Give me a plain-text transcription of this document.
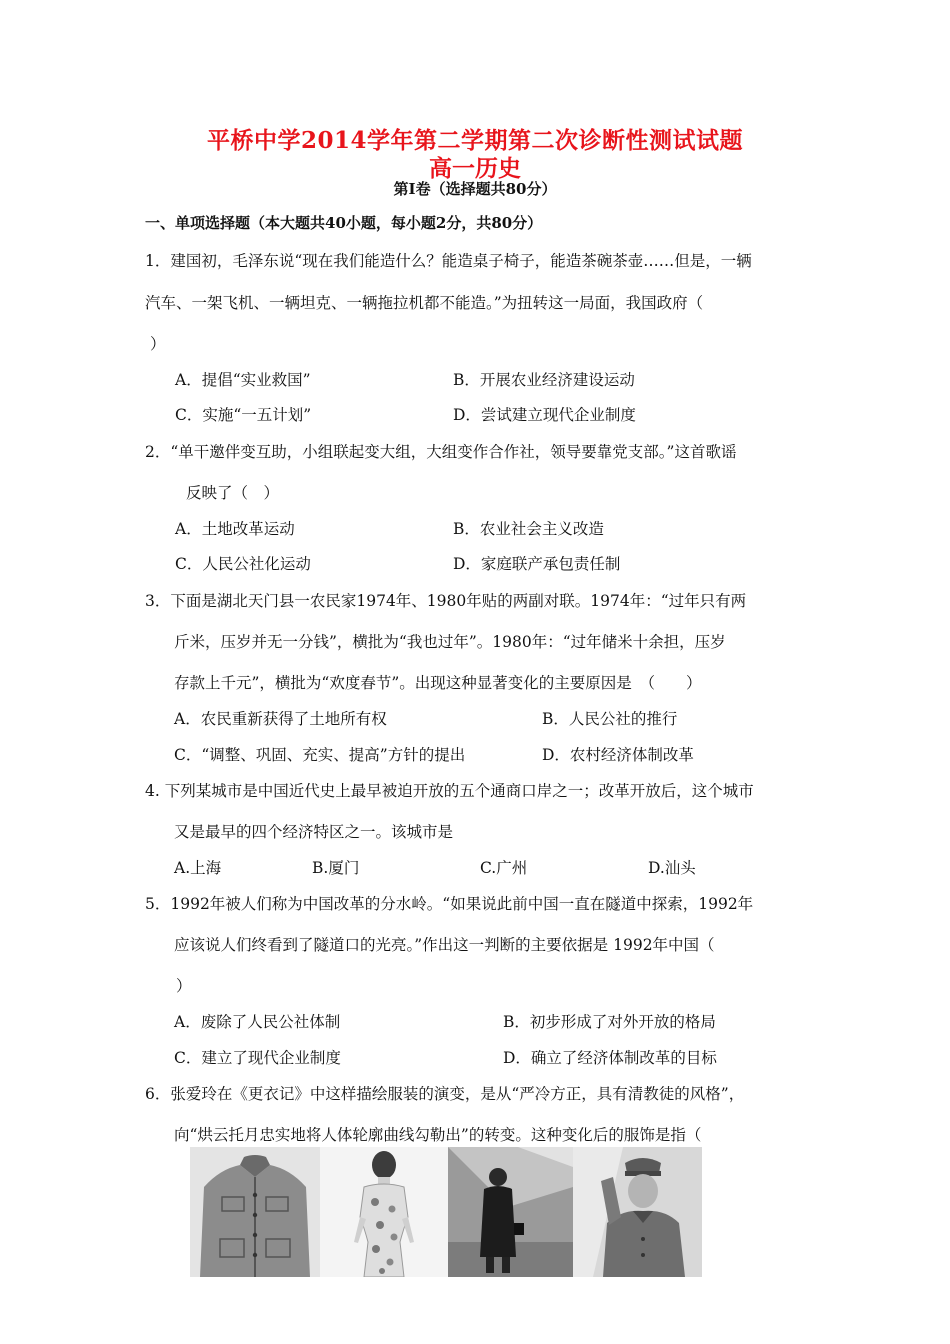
平桥中学2014学年第二学期第二次诊断性测试试题
高一历史
第Ⅰ卷（选择题共80分）
一、单项选择题（本大题共40小题，每小题2分，共80分）
1．建国初，毛泽东说“现在我们能造什么？能造桌子椅子，能造茶碗茶壶……但是，一辆
汽车、一架飞机、一辆坦克、一辆拖拉机都不能造。”为扭转这一局面，我国政府（
）
A．提倡“实业救国”	B．开展农业经济建设运动
C．实施“一五计划”	D．尝试建立现代企业制度
2．“单干邀伴变互助，小组联起变大组，大组变作合作社，领导要靠党支部。”这首歌谣
反映了（　）
A．土地改革运动	B．农业社会主义改造
C．人民公社化运动	D．家庭联产承包责任制
3．下面是湖北天门县一农民家1974年、1980年贴的两副对联。1974年：“过年只有两
斤米，压岁并无一分钱”，横批为“我也过年”。1980年：“过年储米十余担，压岁
存款上千元”，横批为“欢度春节”。出现这种显著变化的主要原因是　（　　）
A．农民重新获得了土地所有权	B．人民公社的推行
C．“调整、巩固、充实、提高”方针的提出	D．农村经济体制改革
4. 下列某城市是中国近代史上最早被迫开放的五个通商口岸之一；改革开放后，这个城市
又是最早的四个经济特区之一。该城市是
A.上海	B.厦门	C.广州	D.汕头
5．1992年被人们称为中国改革的分水岭。“如果说此前中国一直在隧道中探索，1992年
应该说人们终看到了隧道口的光亮。”作出这一判断的主要依据是 1992年中国（
）
A．废除了人民公社体制	B．初步形成了对外开放的格局
C．建立了现代企业制度	D．确立了经济体制改革的目标
6．张爱玲在《更衣记》中这样描绘服装的演变，是从“严冷方正，具有清教徒的风格”，
向“烘云托月忠实地将人体轮廓曲线勾勒出”的转变。这种变化后的服饰是指（
